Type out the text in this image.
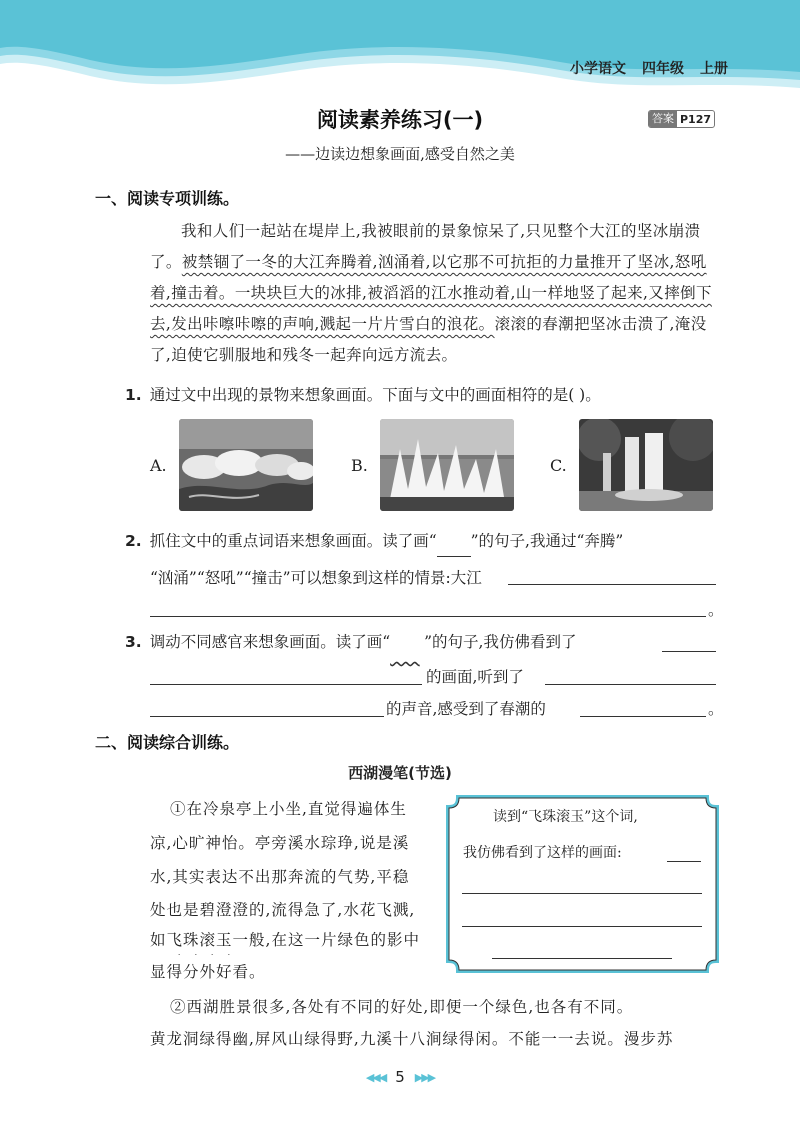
小学语文 四年级 上册
阅读素养练习(一)	答案 P127
——边读边想象画面,感受自然之美
一、阅读专项训练。
我和人们一起站在堤岸上,我被眼前的景象惊呆了,只见整个大江的坚冰崩溃了。被禁锢了一冬的大江奔腾着,汹涌着,以它那不可抗拒的力量推开了坚冰,怒吼着,撞击着。一块块巨大的冰排,被滔滔的江水推动着,山一样地竖了起来,又摔倒下去,发出咔嚓咔嚓的声响,溅起一片片雪白的浪花。滚滚的春潮把坚冰击溃了,淹没了,迫使它驯服地和残冬一起奔向远方流去。
1. 通过文中出现的景物来想象画面。下面与文中的画面相符的是( )。
A.	B.	C.
2. 抓住文中的重点词语来想象画面。读了画“ ”的句子,我通过“奔腾”
“汹涌”“怒吼”“撞击”可以想象到这样的情景:大江
。
3. 调动不同感官来想象画面。读了画“ ”的句子,我仿佛看到了
的画面,听到了
的声音,感受到了春潮的	。
二、阅读综合训练。
西湖漫笔(节选)
①在冷泉亭上小坐,直觉得遍体生
凉,心旷神怡。亭旁溪水琮琤,说是溪
水,其实表达不出那奔流的气势,平稳
处也是碧澄澄的,流得急了,水花飞溅,
如飞珠滚玉一般,在这一片绿色的影中
显得分外好看。
②西湖胜景很多,各处有不同的好处,即便一个绿色,也各有不同。
黄龙洞绿得幽,屏风山绿得野,九溪十八涧绿得闲。不能一一去说。漫步苏
读到“飞珠滚玉”这个词,
我仿佛看到了这样的画面:
◀◀◀ 5 ▶▶▶
